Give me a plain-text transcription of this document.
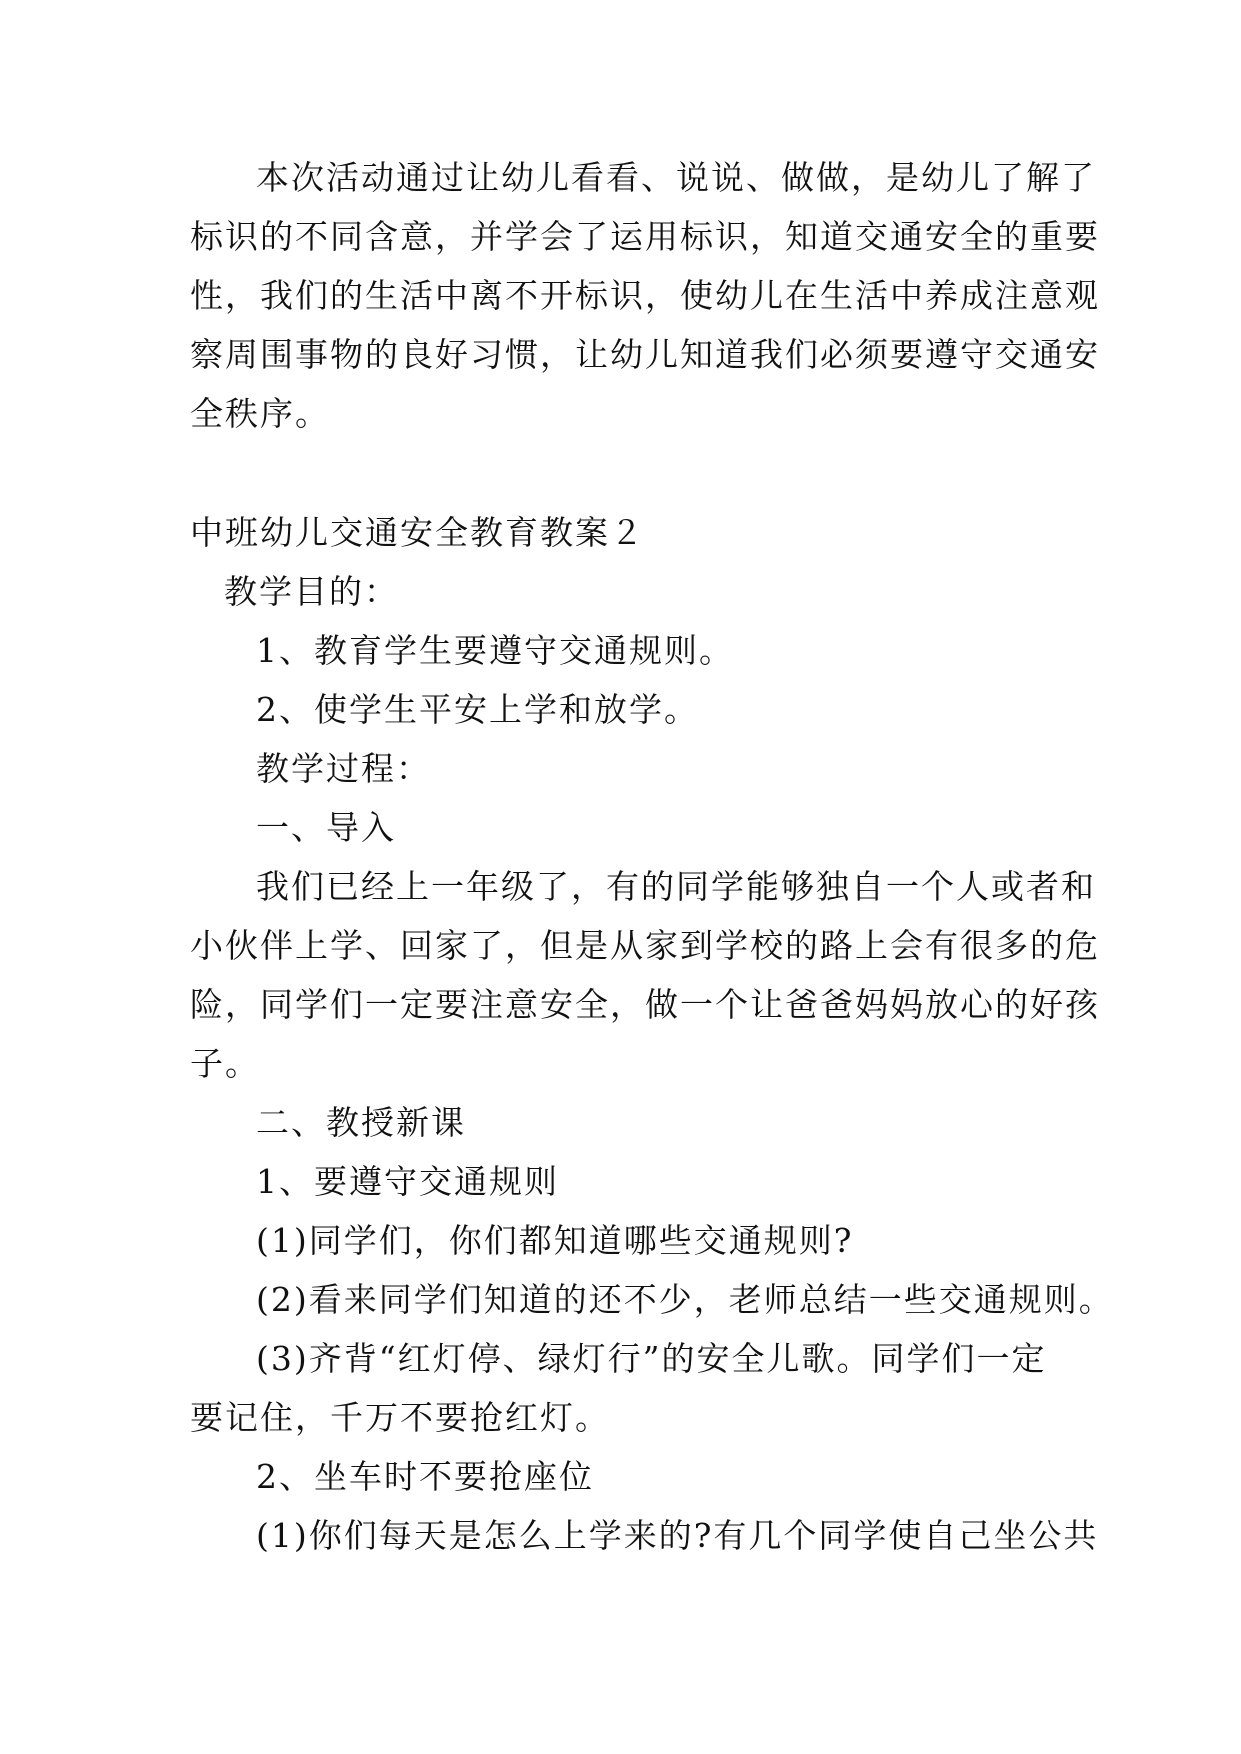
本次活动通过让幼儿看看、说说、做做，是幼儿了解了
标识的不同含意，并学会了运用标识，知道交通安全的重要
性，我们的生活中离不开标识，使幼儿在生活中养成注意观
察周围事物的良好习惯，让幼儿知道我们必须要遵守交通安
全秩序。
中班幼儿交通安全教育教案２
教学目的：
1、教育学生要遵守交通规则。
2、使学生平安上学和放学。
教学过程：
一、导入
我们已经上一年级了，有的同学能够独自一个人或者和
小伙伴上学、回家了，但是从家到学校的路上会有很多的危
险，同学们一定要注意安全，做一个让爸爸妈妈放心的好孩
子。
二、教授新课
1、要遵守交通规则
(1)同学们，你们都知道哪些交通规则?
(2)看来同学们知道的还不少，老师总结一些交通规则。
(3)齐背“红灯停、绿灯行”的安全儿歌。同学们一定
要记住，千万不要抢红灯。
2、坐车时不要抢座位
(1)你们每天是怎么上学来的?有几个同学使自己坐公共
